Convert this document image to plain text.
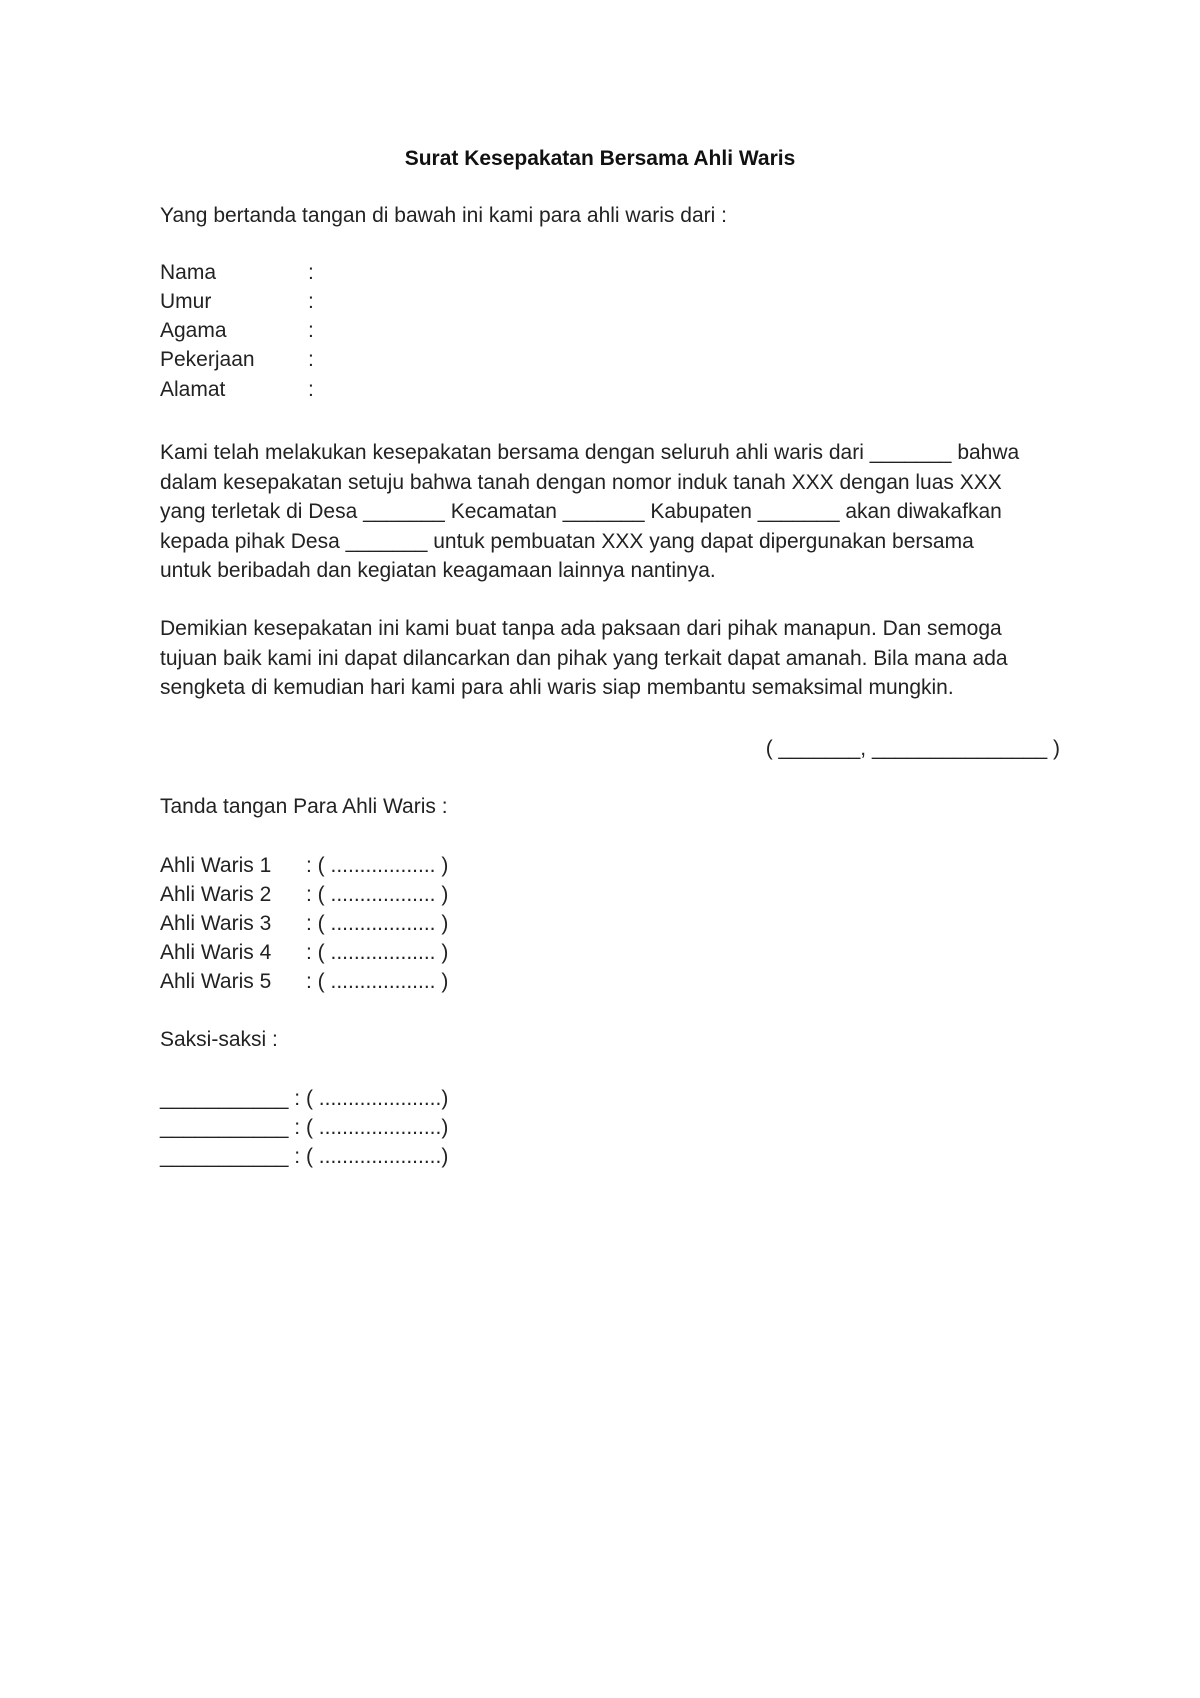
Surat Kesepakatan Bersama Ahli Waris
Yang bertanda tangan di bawah ini kami para ahli waris dari :
Nama	:
Umur	:
Agama	:
Pekerjaan	:
Alamat	:
Kami telah melakukan kesepakatan bersama dengan seluruh ahli waris dari _______ bahwa
dalam kesepakatan setuju bahwa tanah dengan nomor induk tanah XXX dengan luas XXX
yang terletak di Desa _______ Kecamatan _______ Kabupaten _______ akan diwakafkan
kepada pihak Desa _______ untuk pembuatan XXX yang dapat dipergunakan bersama
untuk beribadah dan kegiatan keagamaan lainnya nantinya.
Demikian kesepakatan ini kami buat tanpa ada paksaan dari pihak manapun. Dan semoga
tujuan baik kami ini dapat dilancarkan dan pihak yang terkait dapat amanah. Bila mana ada
sengketa di kemudian hari kami para ahli waris siap membantu semaksimal mungkin.
( _______, _______________ )
Tanda tangan Para Ahli Waris :
Ahli Waris 1 : ( .................. )
Ahli Waris 2 : ( .................. )
Ahli Waris 3 : ( .................. )
Ahli Waris 4 : ( .................. )
Ahli Waris 5 : ( .................. )
Saksi-saksi :
___________ : ( .....................)
___________ : ( .....................)
___________ : ( .....................)
